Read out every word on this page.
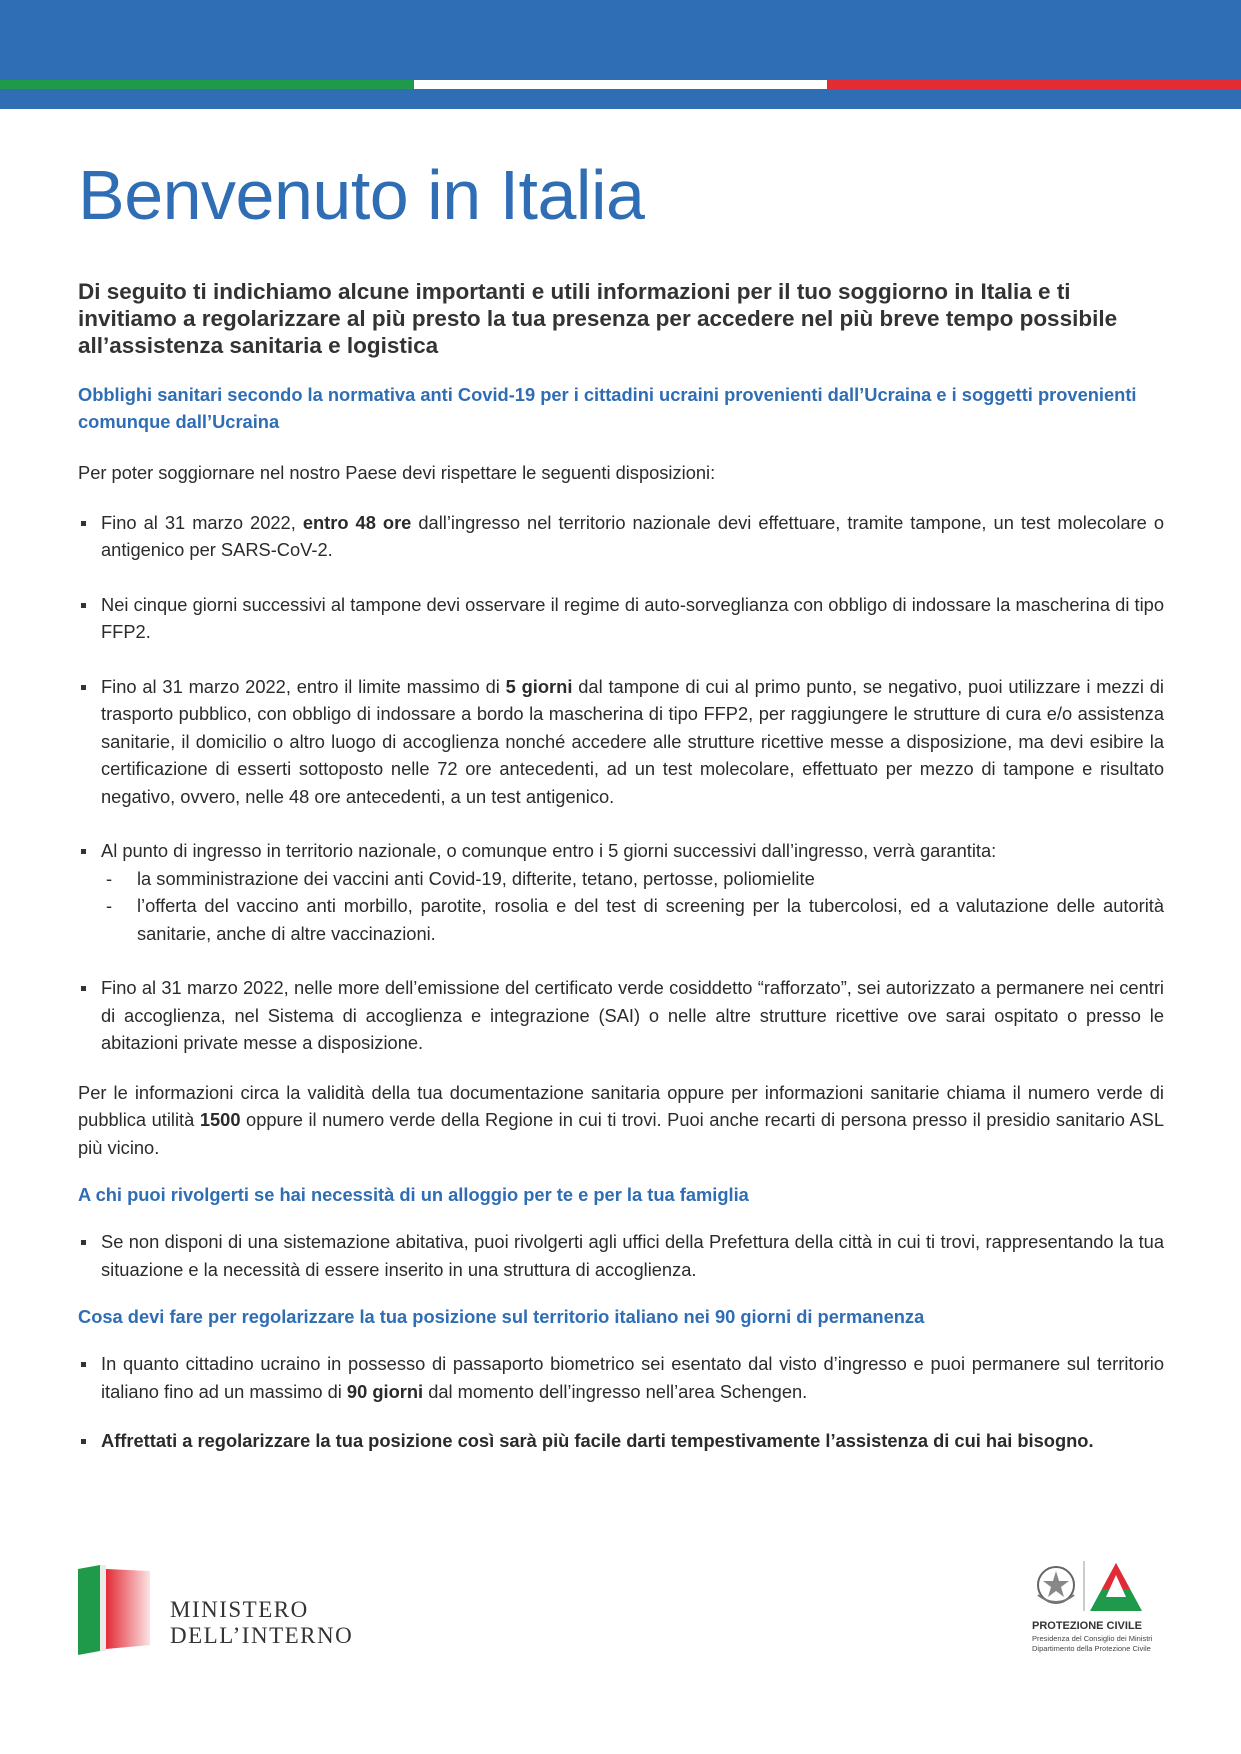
Benvenuto in Italia

Di seguito ti indichiamo alcune importanti e utili informazioni per il tuo soggiorno in Italia e ti invitiamo a regolarizzare al più presto la tua presenza per accedere nel più breve tempo possibile all’assistenza sanitaria e logistica

Obblighi sanitari secondo la normativa anti Covid-19 per i cittadini ucraini provenienti dall’Ucraina e i soggetti provenienti comunque dall’Ucraina

Per poter soggiornare nel nostro Paese devi rispettare le seguenti disposizioni:

Fino al 31 marzo 2022, entro 48 ore dall’ingresso nel territorio nazionale devi effettuare, tramite tampone, un test molecolare o antigenico per SARS-CoV-2.
Nei cinque giorni successivi al tampone devi osservare il regime di auto-sorveglianza con obbligo di indossare la mascherina di tipo FFP2.
Fino al 31 marzo 2022, entro il limite massimo di 5 giorni dal tampone di cui al primo punto, se negativo, puoi utilizzare i mezzi di trasporto pubblico, con obbligo di indossare a bordo la mascherina di tipo FFP2, per raggiungere le strutture di cura e/o assistenza sanitarie, il domicilio o altro luogo di accoglienza nonché accedere alle strutture ricettive messe a disposizione, ma devi esibire la certificazione di esserti sottoposto nelle 72 ore antecedenti, ad un test molecolare, effettuato per mezzo di tampone e risultato negativo, ovvero, nelle 48 ore antecedenti, a un test antigenico.
Al punto di ingresso in territorio nazionale, o comunque entro i 5 giorni successivi dall’ingresso, verrà garantita:
- la somministrazione dei vaccini anti Covid-19, difterite, tetano, pertosse, poliomielite
- l’offerta del vaccino anti morbillo, parotite, rosolia e del test di screening per la tubercolosi, ed a valutazione delle autorità sanitarie, anche di altre vaccinazioni.
Fino al 31 marzo 2022, nelle more dell’emissione del certificato verde cosiddetto “rafforzato”, sei autorizzato a permanere nei centri di accoglienza, nel Sistema di accoglienza e integrazione (SAI) o nelle altre strutture ricettive ove sarai ospitato o presso le abitazioni private messe a disposizione.

Per le informazioni circa la validità della tua documentazione sanitaria oppure per informazioni sanitarie chiama il numero verde di pubblica utilità 1500 oppure il numero verde della Regione in cui ti trovi. Puoi anche recarti di persona presso il presidio sanitario ASL più vicino.

A chi puoi rivolgerti se hai necessità di un alloggio per te e per la tua famiglia

Se non disponi di una sistemazione abitativa, puoi rivolgerti agli uffici della Prefettura della città in cui ti trovi, rappresentando la tua situazione e la necessità di essere inserito in una struttura di accoglienza.

Cosa devi fare per regolarizzare la tua posizione sul territorio italiano nei 90 giorni di permanenza

In quanto cittadino ucraino in possesso di passaporto biometrico sei esentato dal visto d’ingresso e puoi permanere sul territorio italiano fino ad un massimo di 90 giorni dal momento dell’ingresso nell’area Schengen.
Affrettati a regolarizzare la tua posizione così sarà più facile darti tempestivamente l’assistenza di cui hai bisogno.
MINISTERO
DELL’INTERNO	PROTEZIONE CIVILE
Presidenza del Consiglio dei Ministri
Dipartimento della Protezione Civile
